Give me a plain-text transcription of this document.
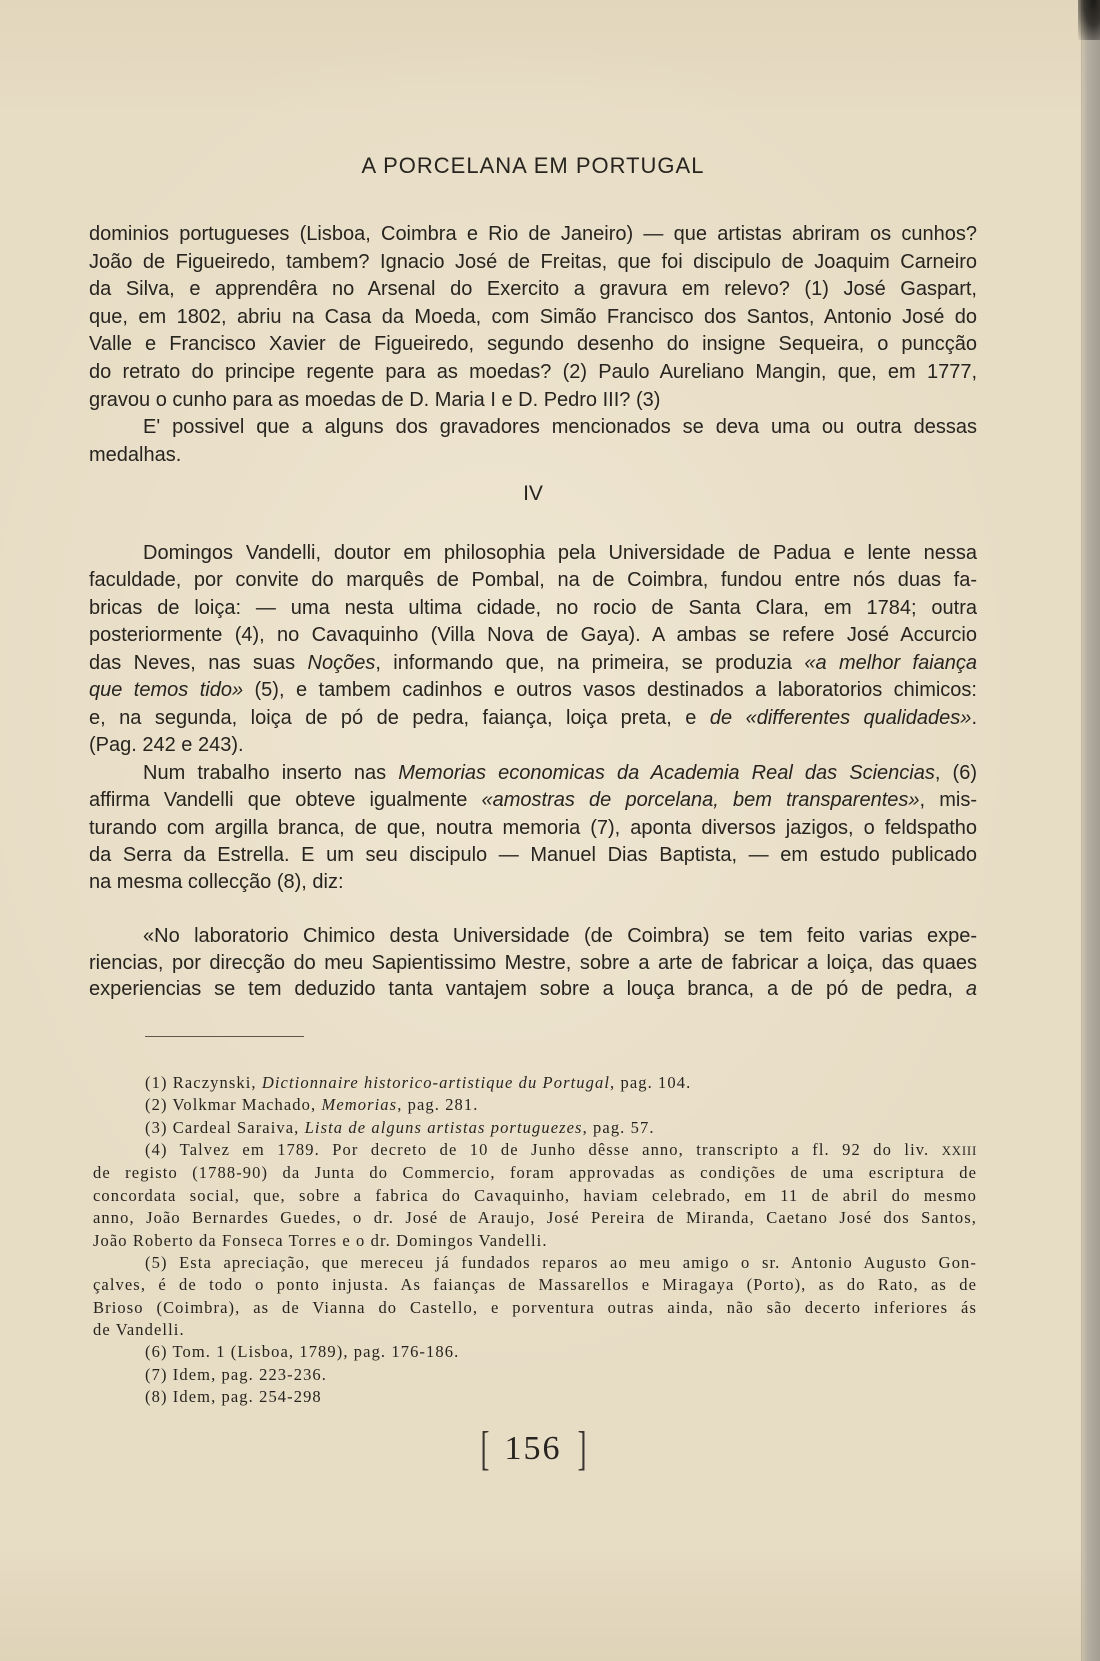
A PORCELANA EM PORTUGAL
dominios portugueses (Lisboa, Coimbra e Rio de Janeiro) — que artistas abriram os cunhos?
João de Figueiredo, tambem? Ignacio José de Freitas, que foi discipulo de Joaquim Carneiro
da Silva, e apprendêra no Arsenal do Exercito a gravura em relevo? (1) José Gaspart,
que, em 1802, abriu na Casa da Moeda, com Simão Francisco dos Santos, Antonio José do
Valle e Francisco Xavier de Figueiredo, segundo desenho do insigne Sequeira, o puncção
do retrato do principe regente para as moedas? (2) Paulo Aureliano Mangin, que, em 1777,
gravou o cunho para as moedas de D. Maria I e D. Pedro III? (3)
E' possivel que a alguns dos gravadores mencionados se deva uma ou outra dessas
medalhas.
IV
Domingos Vandelli, doutor em philosophia pela Universidade de Padua e lente nessa
faculdade, por convite do marquês de Pombal, na de Coimbra, fundou entre nós duas fa-
bricas de loiça: — uma nesta ultima cidade, no rocio de Santa Clara, em 1784; outra
posteriormente (4), no Cavaquinho (Villa Nova de Gaya). A ambas se refere José Accurcio
das Neves, nas suas Noções, informando que, na primeira, se produzia «a melhor faiança
que temos tido» (5), e tambem cadinhos e outros vasos destinados a laboratorios chimicos:
e, na segunda, loiça de pó de pedra, faiança, loiça preta, e de «differentes qualidades».
(Pag. 242 e 243).
Num trabalho inserto nas Memorias economicas da Academia Real das Sciencias, (6)
affirma Vandelli que obteve igualmente «amostras de porcelana, bem transparentes», mis-
turando com argilla branca, de que, noutra memoria (7), aponta diversos jazigos, o feldspatho
da Serra da Estrella. E um seu discipulo — Manuel Dias Baptista, — em estudo publicado
na mesma collecção (8), diz:
«No laboratorio Chimico desta Universidade (de Coimbra) se tem feito varias expe-
riencias, por direcção do meu Sapientissimo Mestre, sobre a arte de fabricar a loiça, das quaes
experiencias se tem deduzido tanta vantajem sobre a louça branca, a de pó de pedra, a
(1) Raczynski, Dictionnaire historico-artistique du Portugal, pag. 104.
(2) Volkmar Machado, Memorias, pag. 281.
(3) Cardeal Saraiva, Lista de alguns artistas portuguezes, pag. 57.
(4) Talvez em 1789. Por decreto de 10 de Junho dêsse anno, transcripto a fl. 92 do liv. XXIII
de registo (1788-90) da Junta do Commercio, foram approvadas as condições de uma escriptura de
concordata social, que, sobre a fabrica do Cavaquinho, haviam celebrado, em 11 de abril do mesmo
anno, João Bernardes Guedes, o dr. José de Araujo, José Pereira de Miranda, Caetano José dos Santos,
João Roberto da Fonseca Torres e o dr. Domingos Vandelli.
(5) Esta apreciação, que mereceu já fundados reparos ao meu amigo o sr. Antonio Augusto Gon-
çalves, é de todo o ponto injusta. As faianças de Massarellos e Miragaya (Porto), as do Rato, as de
Brioso (Coimbra), as de Vianna do Castello, e porventura outras ainda, não são decerto inferiores ás
de Vandelli.
(6) Tom. 1 (Lisboa, 1789), pag. 176-186.
(7) Idem, pag. 223-236.
(8) Idem, pag. 254-298
[ 156 ]
